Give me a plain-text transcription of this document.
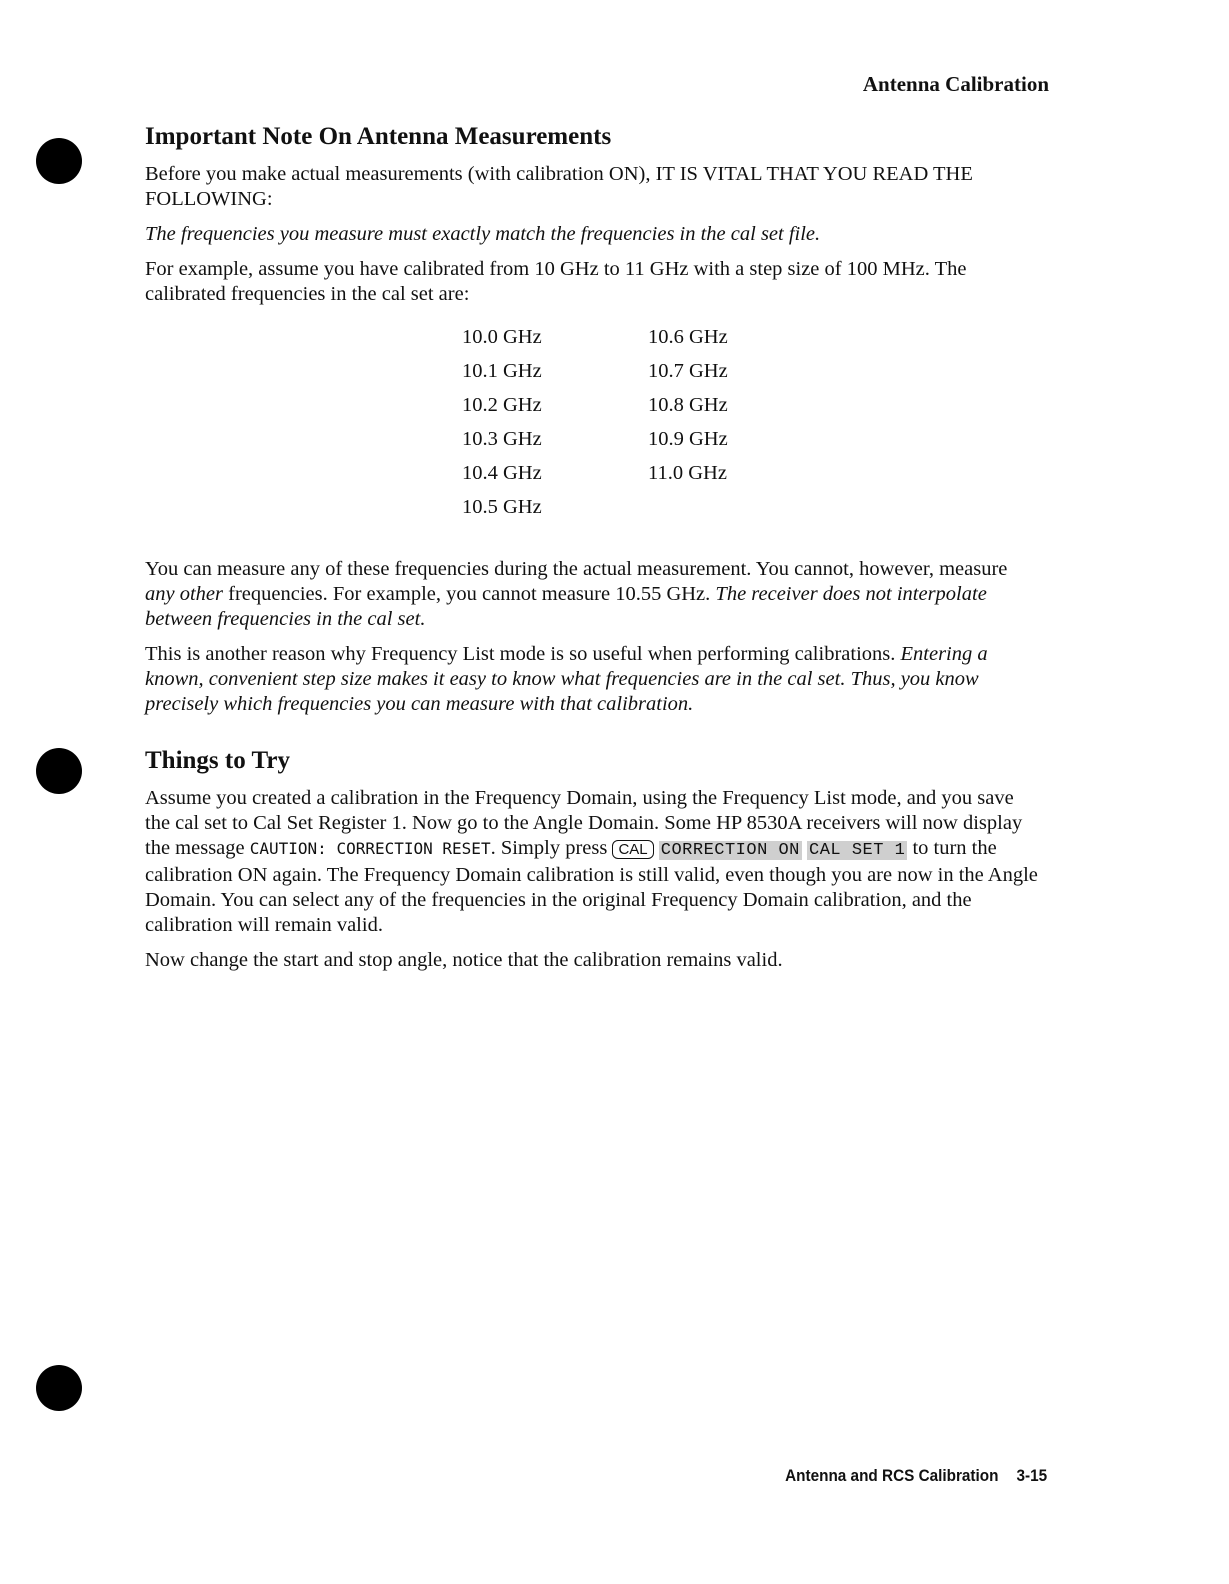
Antenna Calibration
Important Note On Antenna Measurements

Before you make actual measurements (with calibration ON), IT IS VITAL THAT YOU READ THE FOLLOWING:

The frequencies you measure must exactly match the frequencies in the cal set file.

For example, assume you have calibrated from 10 GHz to 11 GHz with a step size of 100 MHz. The calibrated frequencies in the cal set are:

10.0 GHz
10.1 GHz
10.2 GHz
10.3 GHz
10.4 GHz
10.5 GHz
10.6 GHz
10.7 GHz
10.8 GHz
10.9 GHz
11.0 GHz

You can measure any of these frequencies during the actual measurement. You cannot, however, measure any other frequencies. For example, you cannot measure 10.55 GHz. The receiver does not interpolate between frequencies in the cal set.

This is another reason why Frequency List mode is so useful when performing calibrations. Entering a known, convenient step size makes it easy to know what frequencies are in the cal set. Thus, you know precisely which frequencies you can measure with that calibration.

Things to Try

Assume you created a calibration in the Frequency Domain, using the Frequency List mode, and you save the cal set to Cal Set Register 1. Now go to the Angle Domain. Some HP 8530A receivers will now display the message CAUTION: CORRECTION RESET. Simply press CAL CORRECTION ON CAL SET 1 to turn the calibration ON again. The Frequency Domain calibration is still valid, even though you are now in the Angle Domain. You can select any of the frequencies in the original Frequency Domain calibration, and the calibration will remain valid.

Now change the start and stop angle, notice that the calibration remains valid.

Antenna and RCS Calibration 3-15
